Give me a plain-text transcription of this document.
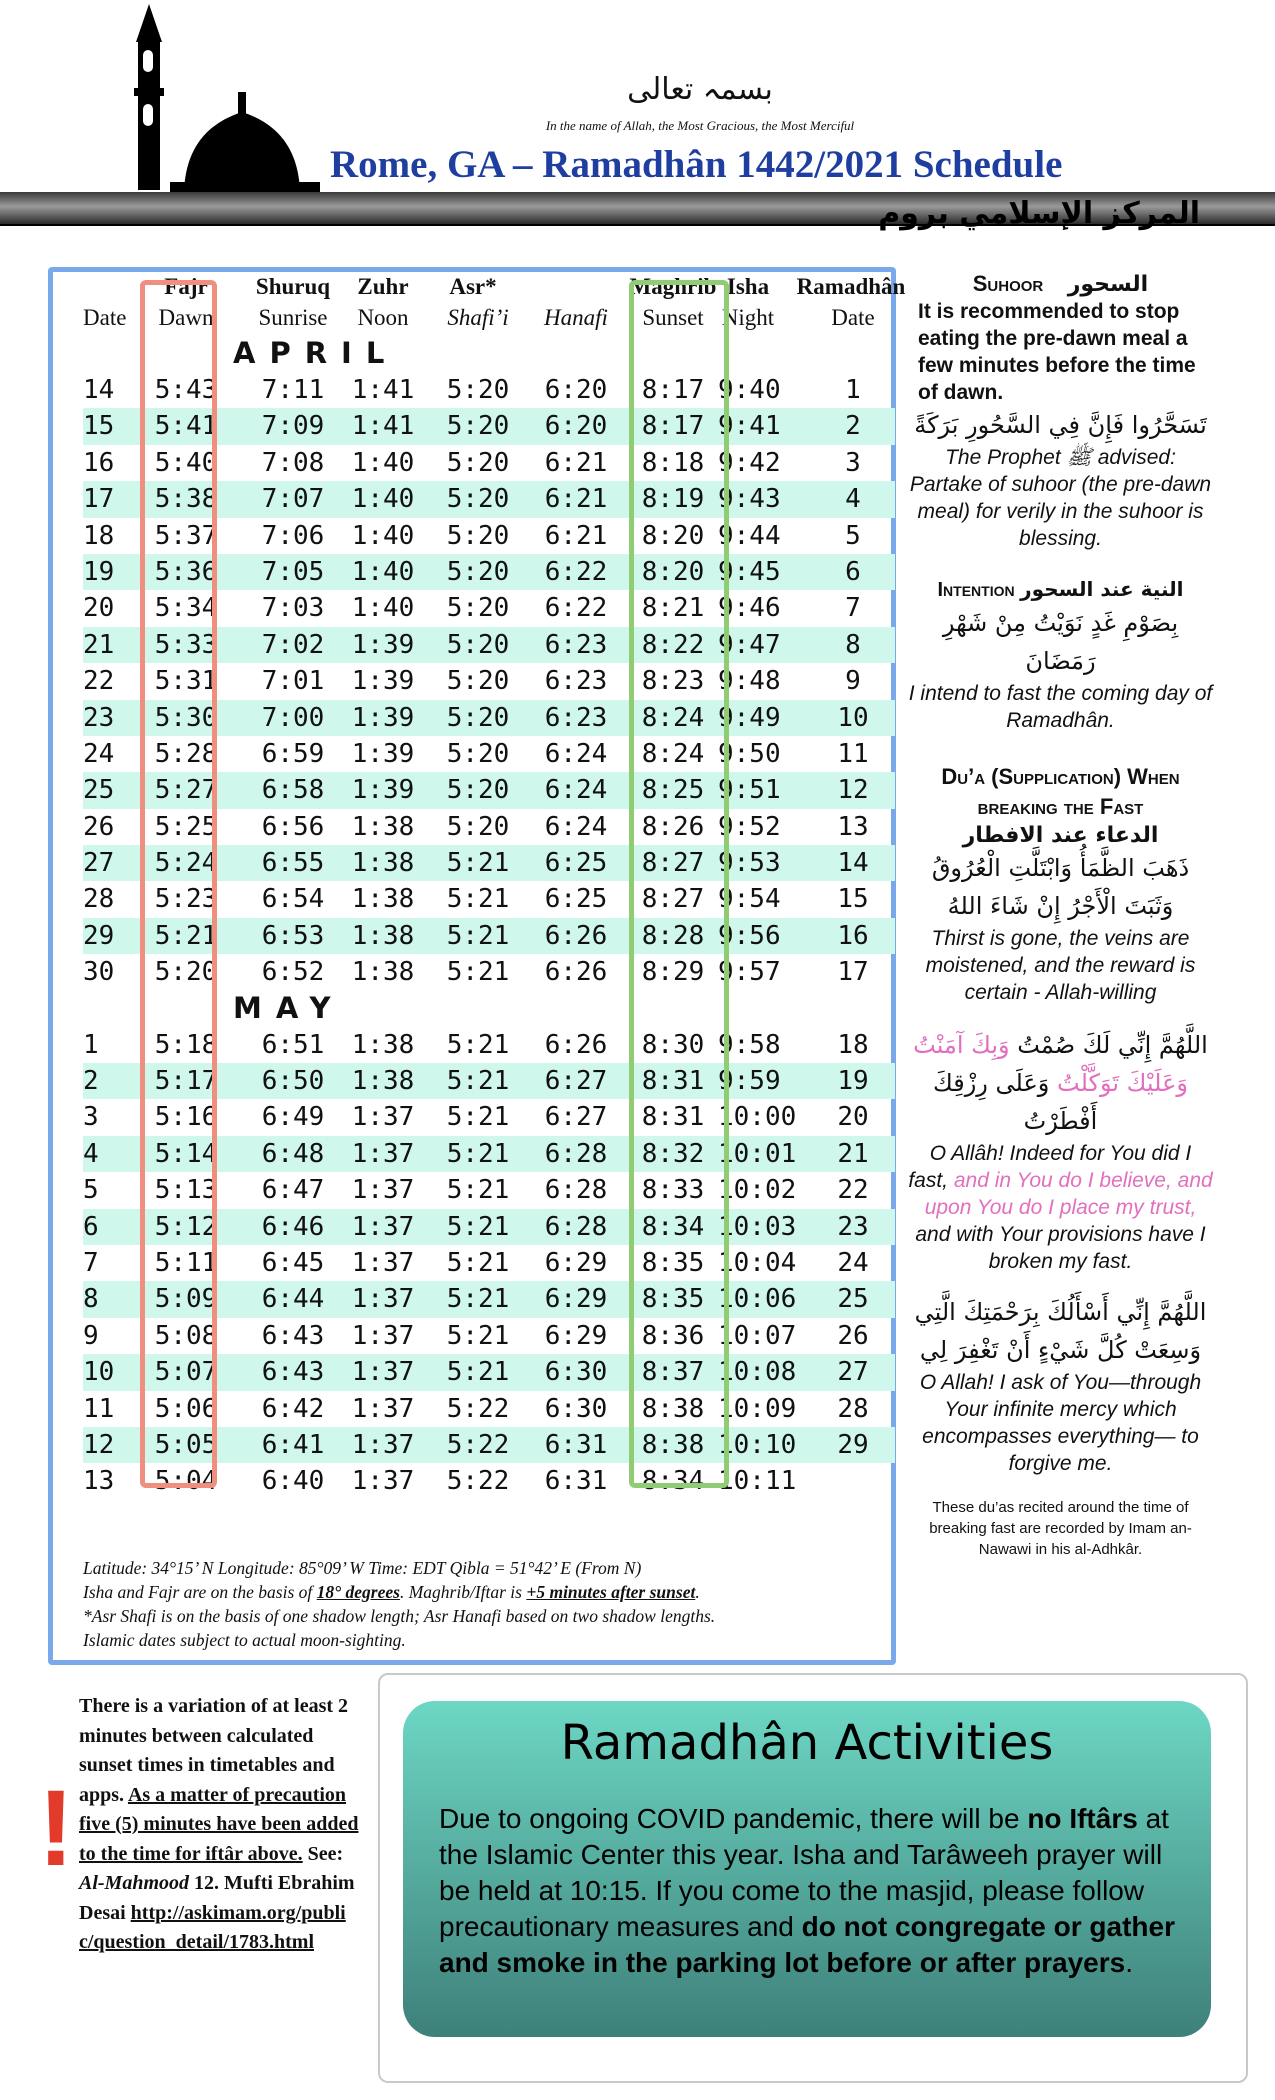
بسمہ تعالی
In the name of Allah, the Most Gracious, the Most Merciful
Rome, GA – Ramadhân 1442/2021 Schedule
المركز الإسلامي بروم
Fajr	Shuruq	Zuhr	Asr*	Maghrib Isha	Ramadhân
Date	Dawn	Sunrise	Noon	Shafi’i	Hanafi	Sunset Night	Date
APRIL
14	5:43	7:11	1:41	5:20	6:20	8:17 9:40	1
15	5:41	7:09	1:41	5:20	6:20	8:17 9:41	2
16	5:40	7:08	1:40	5:20	6:21	8:18 9:42	3
17	5:38	7:07	1:40	5:20	6:21	8:19 9:43	4
18	5:37	7:06	1:40	5:20	6:21	8:20 9:44	5
19	5:36	7:05	1:40	5:20	6:22	8:20 9:45	6
20	5:34	7:03	1:40	5:20	6:22	8:21 9:46	7
21	5:33	7:02	1:39	5:20	6:23	8:22 9:47	8
22	5:31	7:01	1:39	5:20	6:23	8:23 9:48	9
23	5:30	7:00	1:39	5:20	6:23	8:24 9:49	10
24	5:28	6:59	1:39	5:20	6:24	8:24 9:50	11
25	5:27	6:58	1:39	5:20	6:24	8:25 9:51	12
26	5:25	6:56	1:38	5:20	6:24	8:26 9:52	13
27	5:24	6:55	1:38	5:21	6:25	8:27 9:53	14
28	5:23	6:54	1:38	5:21	6:25	8:27 9:54	15
29	5:21	6:53	1:38	5:21	6:26	8:28 9:56	16
30	5:20	6:52	1:38	5:21	6:26	8:29 9:57	17
MAY
1	5:18	6:51	1:38	5:21	6:26	8:30 9:58	18
2	5:17	6:50	1:38	5:21	6:27	8:31 9:59	19
3	5:16	6:49	1:37	5:21	6:27	8:31 10:00	20
4	5:14	6:48	1:37	5:21	6:28	8:32 10:01	21
5	5:13	6:47	1:37	5:21	6:28	8:33 10:02	22
6	5:12	6:46	1:37	5:21	6:28	8:34 10:03	23
7	5:11	6:45	1:37	5:21	6:29	8:35 10:04	24
8	5:09	6:44	1:37	5:21	6:29	8:35 10:06	25
9	5:08	6:43	1:37	5:21	6:29	8:36 10:07	26
10	5:07	6:43	1:37	5:21	6:30	8:37 10:08	27
11	5:06	6:42	1:37	5:22	6:30	8:38 10:09	28
12	5:05	6:41	1:37	5:22	6:31	8:38 10:10	29
13	5:04	6:40	1:37	5:22	6:31	8:34 10:11
Latitude: 34°15’ N Longitude: 85°09’ W Time: EDT Qibla = 51°42’ E (From N)
Isha and Fajr are on the basis of 18° degrees. Maghrib/Iftar is +5 minutes after sunset.
*Asr Shafi is on the basis of one shadow length; Asr Hanafi based on two shadow lengths.
Islamic dates subject to actual moon-sighting.
Suhoor السحور
It is recommended to stop eating the pre-dawn meal a few minutes before the time of dawn.
تَسَحَّرُوا فَإِنَّ فِي السَّحُورِ بَرَكَةً
The Prophet ﷺ advised: Partake of suhoor (the pre-dawn meal) for verily in the suhoor is blessing.
Intention النية عند السحور
بِصَوْمِ غَدٍ نَوَيْتُ مِنْ شَهْرِ رَمَضَانَ
I intend to fast the coming day of Ramadhân.
Du’a (Supplication) When breaking the Fast
الدعاء عند الافطار
ذَهَبَ الظَّمَأُ وَابْتَلَّتِ الْعُرُوقُ وَثَبَتَ الْأَجْرُ إِنْ شَاءَ اللهُ
Thirst is gone, the veins are moistened, and the reward is certain - Allah-willing
اللَّهُمَّ إِنِّي لَكَ صُمْتُ وَبِكَ آمَنْتُ وَعَلَيْكَ تَوَكَّلْتُ وَعَلَى رِزْقِكَ أَفْطَرْتُ
O Allâh! Indeed for You did I fast, and in You do I believe, and upon You do I place my trust, and with Your provisions have I broken my fast.
اللَّهُمَّ إِنِّي أَسْأَلُكَ بِرَحْمَتِكَ الَّتِي وَسِعَتْ كُلَّ شَيْءٍ أَنْ تَغْفِرَ لِي
O Allah! I ask of You—through Your infinite mercy which encompasses everything— to forgive me.
These du’as recited around the time of breaking fast are recorded by Imam an-Nawawi in his al-Adhkâr.
!
There is a variation of at least 2 minutes between calculated sunset times in timetables and apps. As a matter of precaution five (5) minutes have been added to the time for iftâr above. See: Al-Mahmood 12. Mufti Ebrahim Desai http://askimam.org/public/question_detail/1783.html
Ramadhân Activities
Due to ongoing COVID pandemic, there will be no Iftârs at the Islamic Center this year. Isha and Tarâweeh prayer will be held at 10:15. If you come to the masjid, please follow precautionary measures and do not congregate or gather and smoke in the parking lot before or after prayers.
